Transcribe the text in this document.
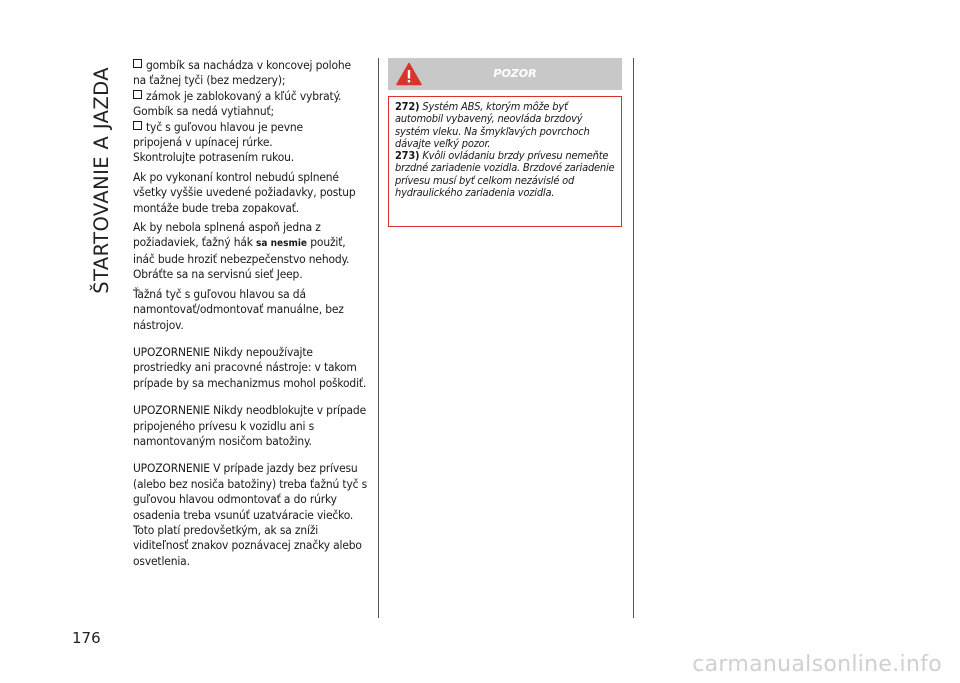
ŠTARTOVANIE A JAZDA
176
gombík sa nachádza v koncovej polohe
na ťažnej tyči (bez medzery);
zámok je zablokovaný a kľúč vybratý.
Gombík sa nedá vytiahnuť;
tyč s guľovou hlavou je pevne
pripojená v upínacej rúrke.
Skontrolujte potrasením rukou.

Ak po vykonaní kontrol nebudú splnené všetky vyššie uvedené požiadavky, postup montáže bude treba zopakovať.

Ak by nebola splnená aspoň jedna z požiadaviek, ťažný hák sa nesmie použiť, ináč bude hroziť nebezpečenstvo nehody. Obráťte sa na servisnú sieť Jeep.

Ťažná tyč s guľovou hlavou sa dá namontovať/odmontovať manuálne, bez nástrojov.

UPOZORNENIE Nikdy nepoužívajte prostriedky ani pracovné nástroje: v takom prípade by sa mechanizmus mohol poškodiť.

UPOZORNENIE Nikdy neodblokujte v prípade pripojeného prívesu k vozidlu ani s namontovaným nosičom batožiny.

UPOZORNENIE V prípade jazdy bez prívesu (alebo bez nosiča batožiny) treba ťažnú tyč s guľovou hlavou odmontovať a do rúrky osadenia treba vsunúť uzatváracie viečko. Toto platí predovšetkým, ak sa zníži viditeľnosť znakov poznávacej značky alebo osvetlenia.

POZOR
272) Systém ABS, ktorým môže byť automobil vybavený, neovláda brzdový systém vleku. Na šmykľavých povrchoch dávajte veľký pozor.
273) Kvôli ovládaniu brzdy prívesu nemeňte brzdné zariadenie vozidla. Brzdové zariadenie prívesu musí byť celkom nezávislé od hydraulického zariadenia vozidla.
carmanualsonline.info
